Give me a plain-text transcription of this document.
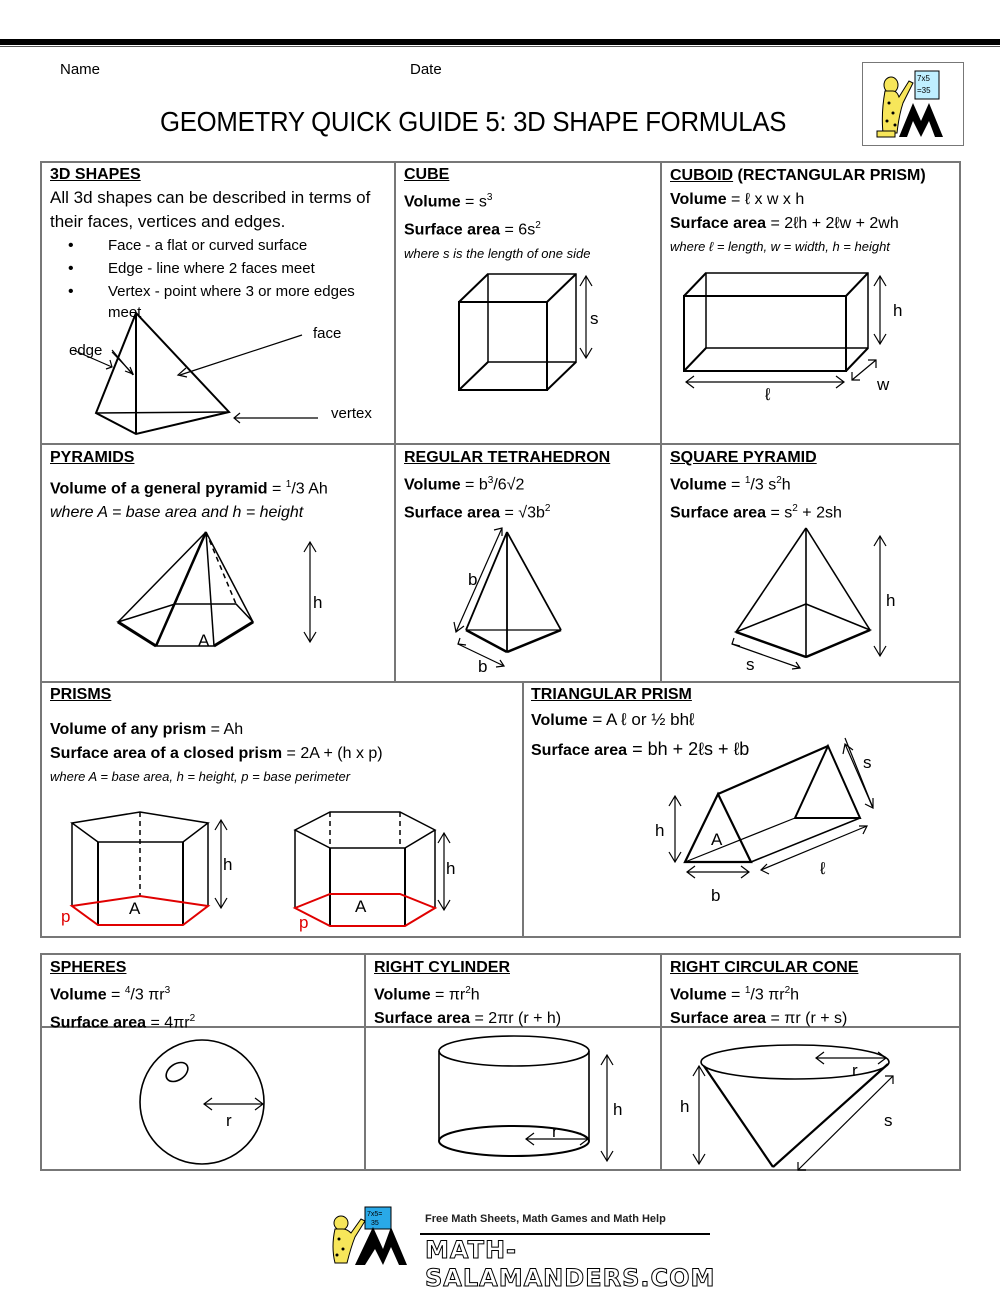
Name	Date
GEOMETRY QUICK GUIDE 5: 3D SHAPE FORMULAS
7x5
=35
3D SHAPES
All 3d shapes can be described in terms of
their faces, vertices and edges.
• Face - a flat or curved surface
• Edge - line where 2 faces meet
• Vertex - point where 3 or more edges
meet
face
edge
vertex
CUBE
Volume = $s^3$
Surface area = $6s^2$
where s is the length of one side
s
CUBOID (RECTANGULAR PRISM)
Volume = ℓ x w x h
Surface area = 2ℓh + 2ℓw + 2wh
where ℓ = length, w = width, h = height
h
ℓ
w
PYRAMIDS
Volume of a general pyramid = $^1$/3 Ah
where A = base area and h = height
h
A
REGULAR TETRAHEDRON
Volume = $b^3/6√2$
Surface area = $√3b^2$
b
b
SQUARE PYRAMID
Volume = $^1$/3 $s^2h$
Surface area = $s^2 + 2sh$
h
s
PRISMS
Volume of any prism = Ah
Surface area of a closed prism = 2A + (h x p)
where A = base area, h = height, p = base perimeter
h	h
A	A
p	p
TRIANGULAR PRISM
Volume = A ℓ or ½ bhℓ
Surface area = bh + 2ℓs + ℓb
h	A
b
ℓ
s
SPHERES
Volume = $^4$/3 $\pi r^3$
Surface area = $4\pi r^2$
r
RIGHT CYLINDER
Volume = $\pi r^2h$
Surface area = 2πr (r + h)
r
h
RIGHT CIRCULAR CONE
Volume = $^1$/3 $\pi r^2h$
Surface area = πr (r + s)
r
h
s
7x5=
35	Free Math Sheets, Math Games and Math Help
MATH-SALAMANDERS.COM
